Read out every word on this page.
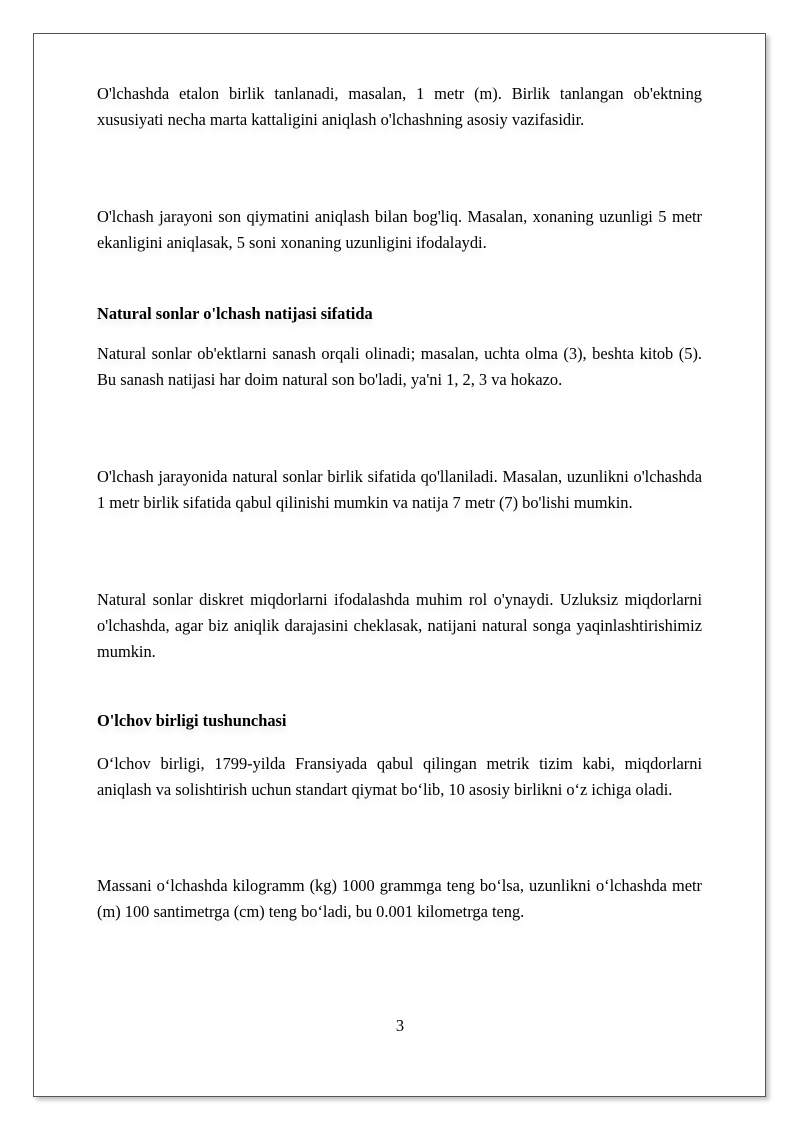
O'lchashda etalon birlik tanlanadi, masalan, 1 metr (m). Birlik tanlangan ob'ektning xususiyati necha marta kattaligini aniqlash o'lchashning asosiy vazifasidir.

O'lchash jarayoni son qiymatini aniqlash bilan bog'liq. Masalan, xonaning uzunligi 5 metr ekanligini aniqlasak, 5 soni xonaning uzunligini ifodalaydi.

Natural sonlar o'lchash natijasi sifatida

Natural sonlar ob'ektlarni sanash orqali olinadi; masalan, uchta olma (3), beshta kitob (5). Bu sanash natijasi har doim natural son bo'ladi, ya'ni 1, 2, 3 va hokazo.

O'lchash jarayonida natural sonlar birlik sifatida qo'llaniladi. Masalan, uzunlikni o'lchashda 1 metr birlik sifatida qabul qilinishi mumkin va natija 7 metr (7) bo'lishi mumkin.

Natural sonlar diskret miqdorlarni ifodalashda muhim rol o'ynaydi. Uzluksiz miqdorlarni o'lchashda, agar biz aniqlik darajasini cheklasak, natijani natural songa yaqinlashtirishimiz mumkin.

O'lchov birligi tushunchasi

O‘lchov birligi, 1799-yilda Fransiyada qabul qilingan metrik tizim kabi, miqdorlarni aniqlash va solishtirish uchun standart qiymat bo‘lib, 10 asosiy birlikni o‘z ichiga oladi.

Massani o‘lchashda kilogramm (kg) 1000 grammga teng bo‘lsa, uzunlikni o‘lchashda metr (m) 100 santimetrga (cm) teng bo‘ladi, bu 0.001 kilometrga teng.

3
